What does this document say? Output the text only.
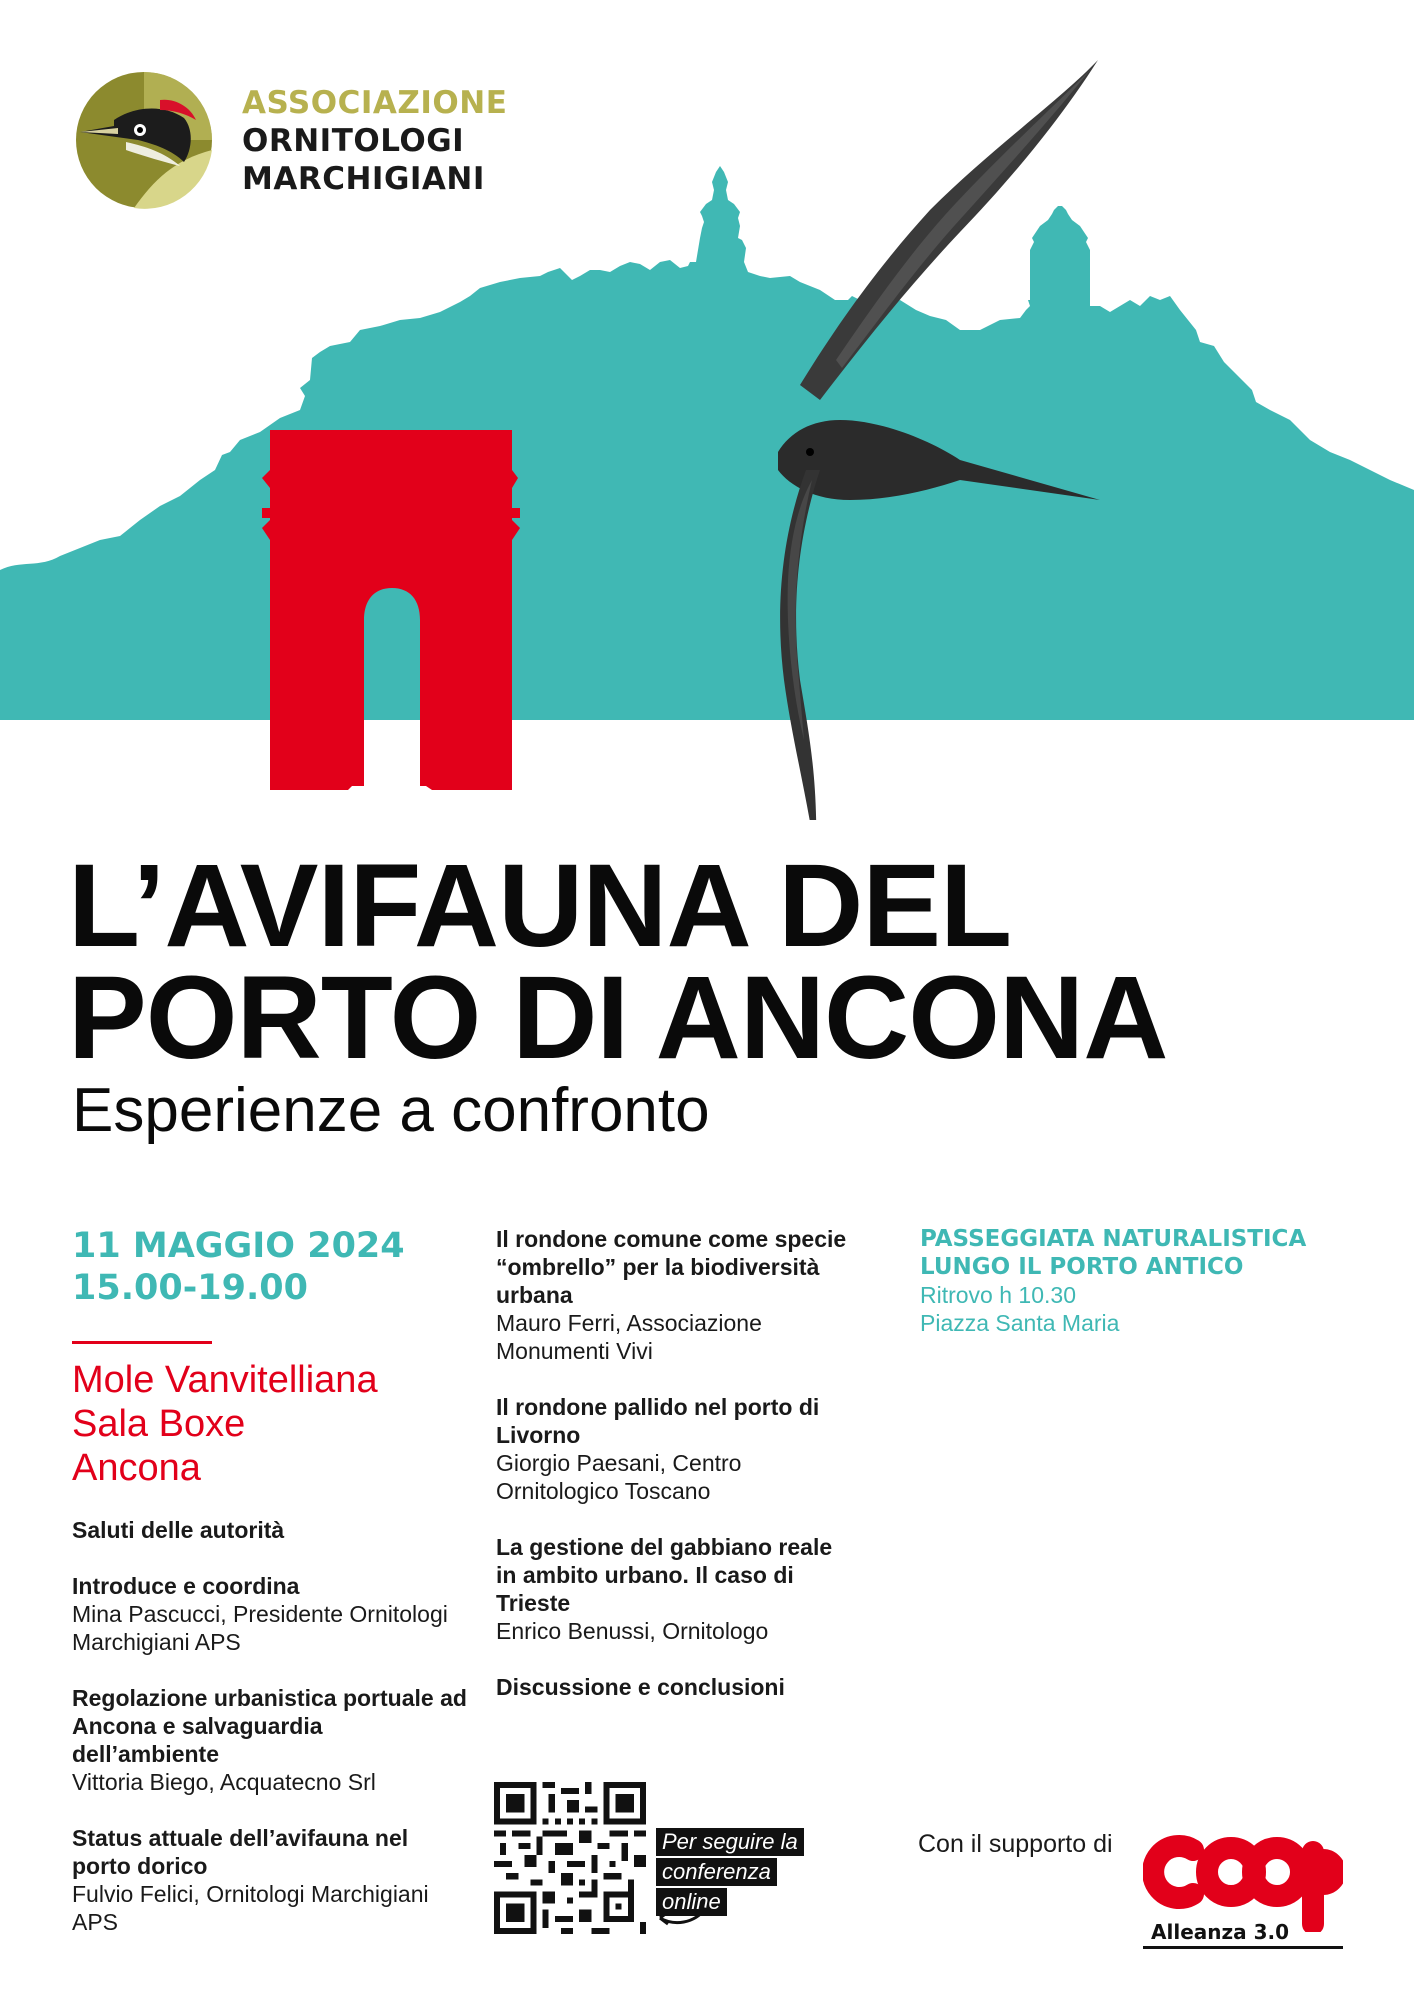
ASSOCIAZIONE
ORNITOLOGI
MARCHIGIANI
L’AVIFAUNA DEL
PORTO DI ANCONA
Esperienze a confronto
11 MAGGIO 2024
15.00-19.00
Mole Vanvitelliana
Sala Boxe
Ancona
Saluti delle autorità
Introduce e coordina
Mina Pascucci, Presidente Ornitologi Marchigiani APS
Regolazione urbanistica portuale ad Ancona e salvaguardia dell’ambiente
Vittoria Biego, Acquatecno Srl
Status attuale dell’avifauna nel porto dorico
Fulvio Felici, Ornitologi Marchigiani APS
Il rondone comune come specie “ombrello” per la biodiversità urbana
Mauro Ferri, Associazione Monumenti Vivi
Il rondone pallido nel porto di Livorno
Giorgio Paesani, Centro Ornitologico Toscano
La gestione del gabbiano reale in ambito urbano. Il caso di Trieste
Enrico Benussi, Ornitologo
Discussione e conclusioni
PASSEGGIATA NATURALISTICA
LUNGO IL PORTO ANTICO
Ritrovo h 10.30
Piazza Santa Maria
Per seguire la
conferenza
online
Con il supporto di
Alleanza 3.0
